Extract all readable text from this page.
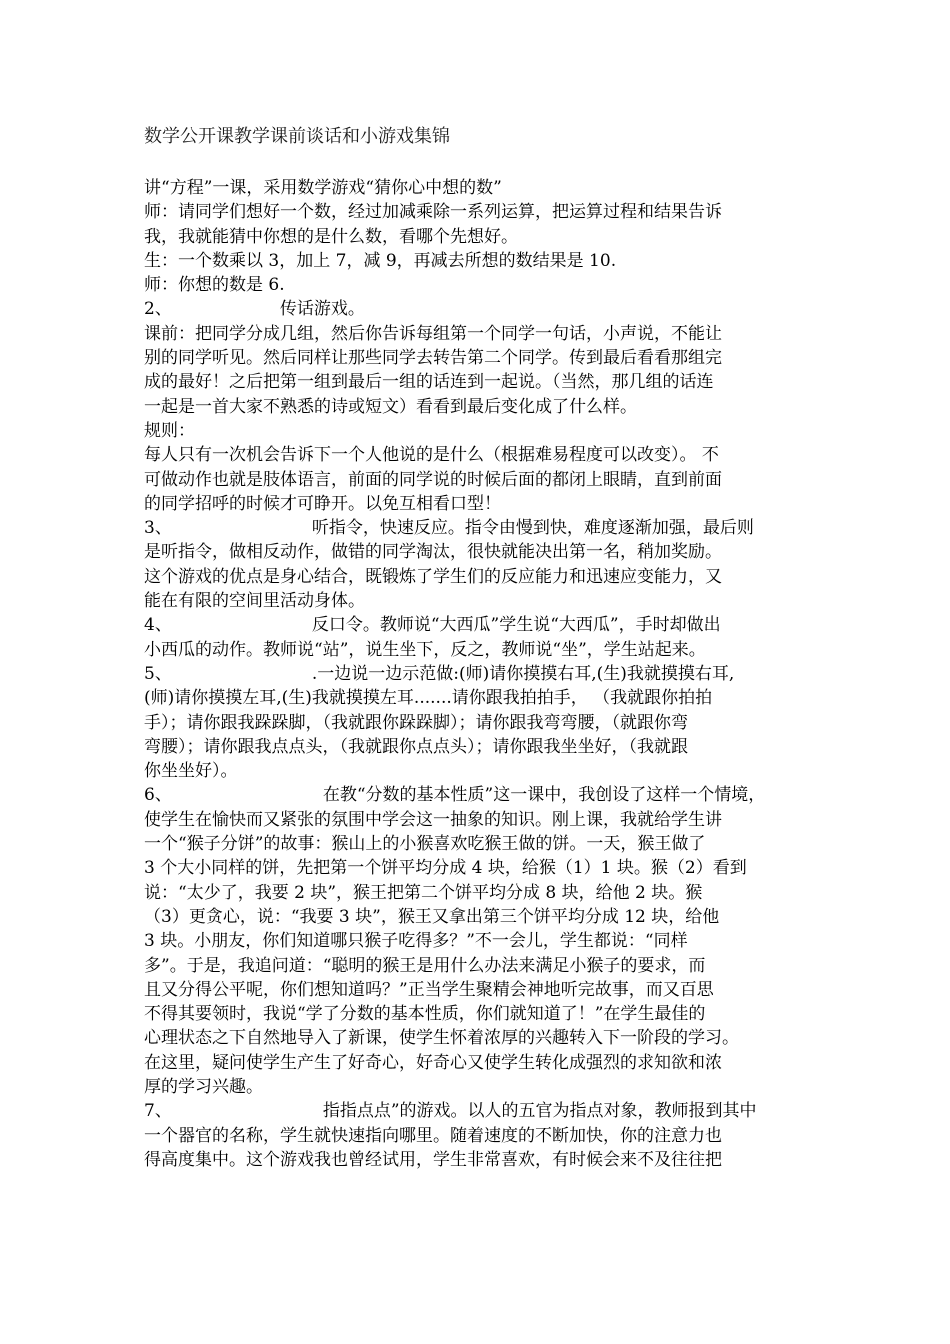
数学公开课教学课前谈话和小游戏集锦
讲“方程”一课，采用数学游戏“猜你心中想的数”
师：请同学们想好一个数，经过加减乘除一系列运算，把运算过程和结果告诉
我，我就能猜中你想的是什么数，看哪个先想好。
生：一个数乘以 3，加上 7，减 9，再减去所想的数结果是 10.
师：你想的数是 6.
2、	传话游戏。
课前：把同学分成几组，然后你告诉每组第一个同学一句话，小声说，不能让
别的同学听见。然后同样让那些同学去转告第二个同学。传到最后看看那组完
成的最好！之后把第一组到最后一组的话连到一起说。（当然，那几组的话连
一起是一首大家不熟悉的诗或短文）看看到最后变化成了什么样。
规则：
每人只有一次机会告诉下一个人他说的是什么（根据难易程度可以改变）。 不
可做动作也就是肢体语言，前面的同学说的时候后面的都闭上眼睛，直到前面
的同学招呼的时候才可睁开。以免互相看口型！
3、	听指令，快速反应。指令由慢到快，难度逐渐加强，最后则
是听指令，做相反动作，做错的同学淘汰，很快就能决出第一名，稍加奖励。
这个游戏的优点是身心结合，既锻炼了学生们的反应能力和迅速应变能力，又
能在有限的空间里活动身体。
4、	反口令。教师说“大西瓜”学生说“大西瓜”，手时却做出
小西瓜的动作。教师说“站”，说生坐下，反之，教师说“坐”，学生站起来。
5、	.一边说一边示范做:(师)请你摸摸右耳,(生)我就摸摸右耳,
(师)请你摸摸左耳,(生)我就摸摸左耳.......请你跟我拍拍手， （我就跟你拍拍
手）；请你跟我跺跺脚，（我就跟你跺跺脚）；请你跟我弯弯腰，（就跟你弯
弯腰）；请你跟我点点头，（我就跟你点点头）；请你跟我坐坐好，（我就跟
你坐坐好）。
6、	在教“分数的基本性质”这一课中，我创设了这样一个情境，
使学生在愉快而又紧张的氛围中学会这一抽象的知识。刚上课，我就给学生讲
一个“猴子分饼”的故事：猴山上的小猴喜欢吃猴王做的饼。一天，猴王做了
3 个大小同样的饼，先把第一个饼平均分成 4 块，给猴（1）1 块。猴（2）看到
说：“太少了，我要 2 块”，猴王把第二个饼平均分成 8 块，给他 2 块。猴
（3）更贪心，说：“我要 3 块”，猴王又拿出第三个饼平均分成 12 块，给他
3 块。小朋友，你们知道哪只猴子吃得多？”不一会儿，学生都说：“同样
多”。于是，我追问道：“聪明的猴王是用什么办法来满足小猴子的要求，而
且又分得公平呢，你们想知道吗？”正当学生聚精会神地听完故事，而又百思
不得其要领时，我说“学了分数的基本性质，你们就知道了！”在学生最佳的
心理状态之下自然地导入了新课，使学生怀着浓厚的兴趣转入下一阶段的学习。
在这里，疑问使学生产生了好奇心，好奇心又使学生转化成强烈的求知欲和浓
厚的学习兴趣。
7、	指指点点”的游戏。以人的五官为指点对象，教师报到其中
一个器官的名称，学生就快速指向哪里。随着速度的不断加快，你的注意力也
得高度集中。这个游戏我也曾经试用，学生非常喜欢，有时候会来不及往往把
